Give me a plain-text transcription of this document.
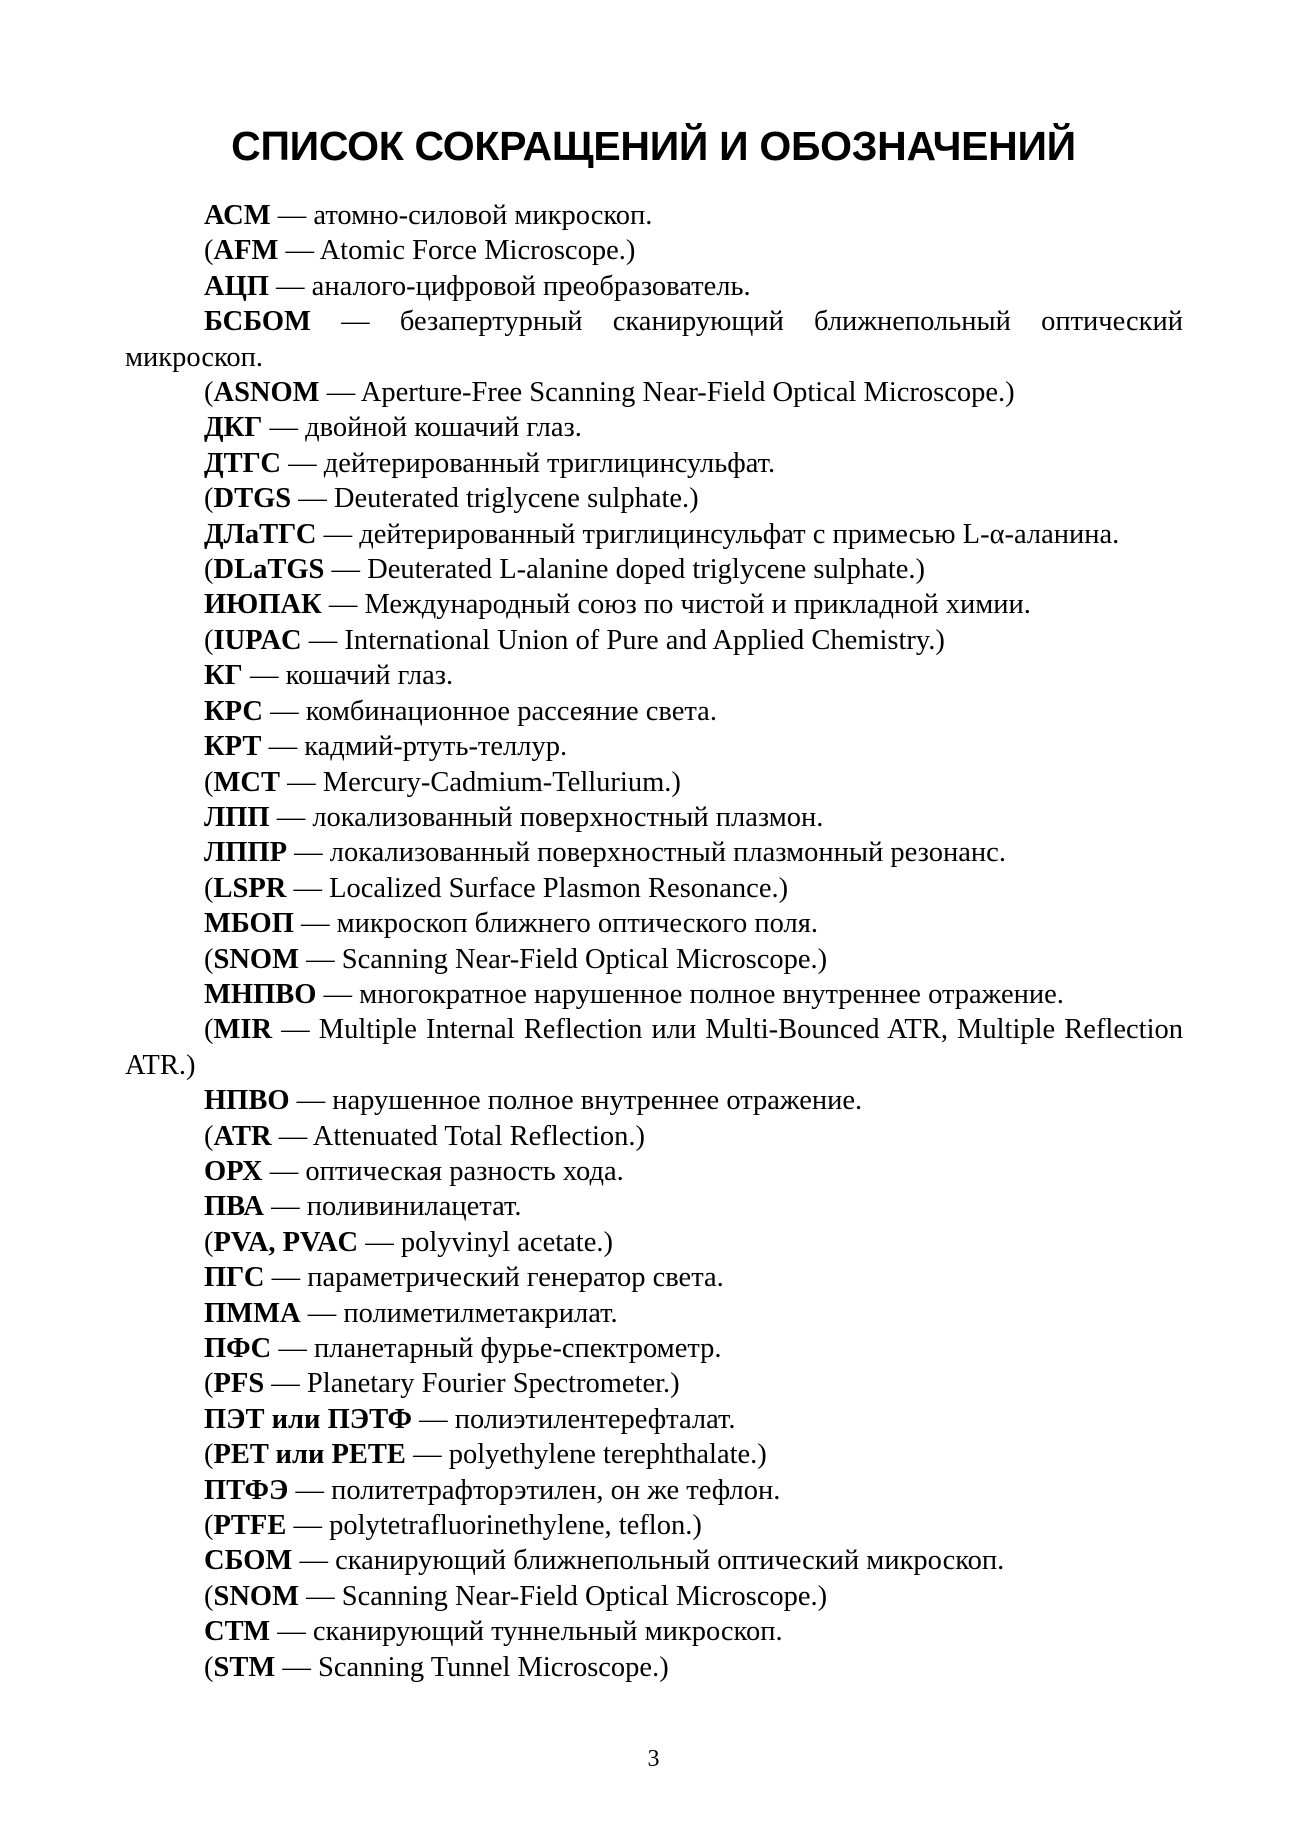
СПИСОК СОКРАЩЕНИЙ И ОБОЗНАЧЕНИЙ

АСМ — атомно-силовой микроскоп.

(AFM — Atomic Force Microscope.)

АЦП — аналого-цифровой преобразователь.

БСБОМ — безапертурный сканирующий ближнепольный оптический микроскоп.

(ASNOM — Aperture-Free Scanning Near-Field Optical Microscope.)

ДКГ — двойной кошачий глаз.

ДТГС — дейтерированный триглицинсульфат.

(DTGS — Deuterated triglycene sulphate.)

ДЛаТГС — дейтерированный триглицинсульфат с примесью L-α-аланина.

(DLaTGS — Deuterated L-alanine doped triglycene sulphate.)

ИЮПАК — Международный союз по чистой и прикладной химии.

(IUPAC — International Union of Pure and Applied Chemistry.)

КГ — кошачий глаз.

КРС — комбинационное рассеяние света.

КРТ — кадмий-ртуть-теллур.

(MCT — Mercury-Cadmium-Tellurium.)

ЛПП — локализованный поверхностный плазмон.

ЛППР — локализованный поверхностный плазмонный резонанс.

(LSPR — Localized Surface Plasmon Resonance.)

МБОП — микроскоп ближнего оптического поля.

(SNOM — Scanning Near-Field Optical Microscope.)

МНПВО — многократное нарушенное полное внутреннее отражение.

(MIR — Multiple Internal Reflection или Multi-Bounced ATR, Multiple Reflection ATR.)

НПВО — нарушенное полное внутреннее отражение.

(ATR — Attenuated Total Reflection.)

ОРХ — оптическая разность хода.

ПВА — поливинилацетат.

(PVA, PVAC — polyvinyl acetate.)

ПГС — параметрический генератор света.

ПММА — полиметилметакрилат.

ПФС — планетарный фурье-спектрометр.

(PFS — Planetary Fourier Spectrometer.)

ПЭТ или ПЭТФ — полиэтилентерефталат.

(PET или PETE — polyethylene terephthalate.)

ПТФЭ — политетрафторэтилен, он же тефлон.

(PTFE — polytetrafluorinethylene, teflon.)

СБОМ — сканирующий ближнепольный оптический микроскоп.

(SNOM — Scanning Near-Field Optical Microscope.)

СТМ — сканирующий туннельный микроскоп.

(STM — Scanning Tunnel Microscope.)

3
